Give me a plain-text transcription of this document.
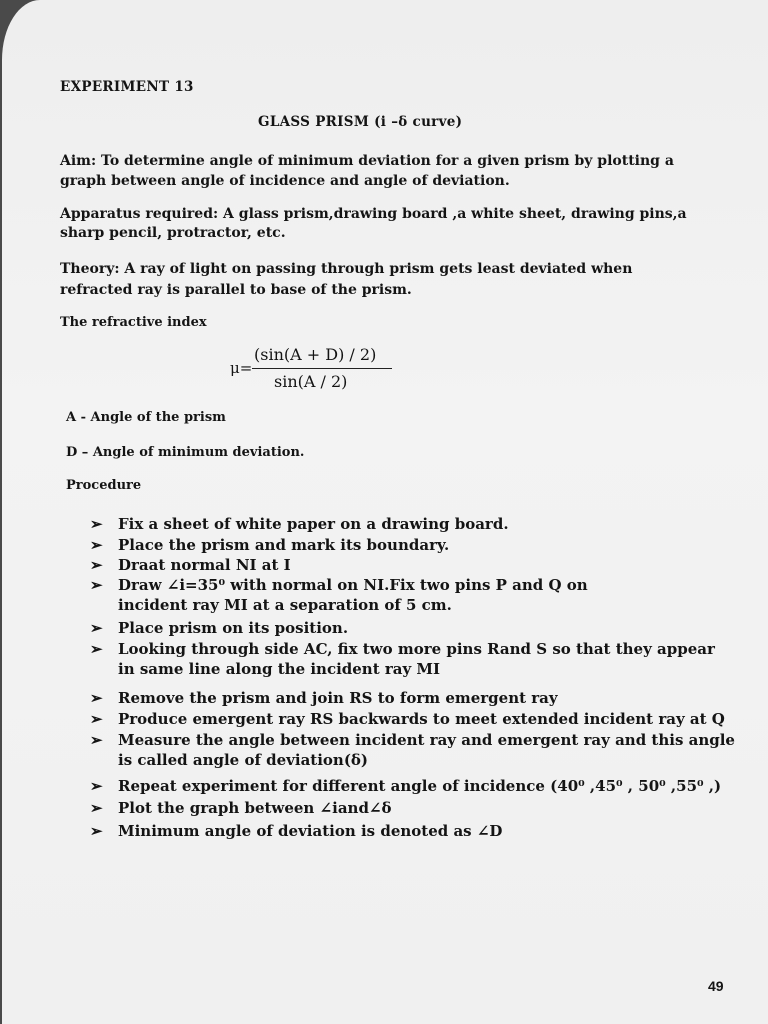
EXPERIMENT 13
GLASS PRISM (i –δ curve)
Aim: To determine angle of minimum deviation for a given prism by plotting a
graph between angle of incidence and angle of deviation.
Apparatus required: A glass prism,drawing board ,a white sheet, drawing pins,a
sharp pencil, protractor, etc.
Theory: A ray of light on passing through prism gets least deviated when
refracted ray is parallel to base of the prism.
The refractive index
μ=
(sin(A + D) / 2)
sin(A / 2)
A - Angle of the prism
D – Angle of minimum deviation.
Procedure
➢ Fix a sheet of white paper on a drawing board.
➢ Place the prism and mark its boundary.
➢ Draat normal NI at I
➢ Draw ∠i=35⁰ with normal on NI.Fix two pins P and Q on
incident ray MI at a separation of 5 cm.
➢ Place prism on its position.
➢ Looking through side AC, fix two more pins Rand S so that they appear
in same line along the incident ray MI
➢ Remove the prism and join RS to form emergent ray
➢ Produce emergent ray RS backwards to meet extended incident ray at Q
➢ Measure the angle between incident ray and emergent ray and this angle
is called angle of deviation(δ)
➢ Repeat experiment for different angle of incidence (40⁰ ,45⁰ , 50⁰ ,55⁰ ,)
➢ Plot the graph between ∠iand∠δ
➢ Minimum angle of deviation is denoted as ∠D
49
